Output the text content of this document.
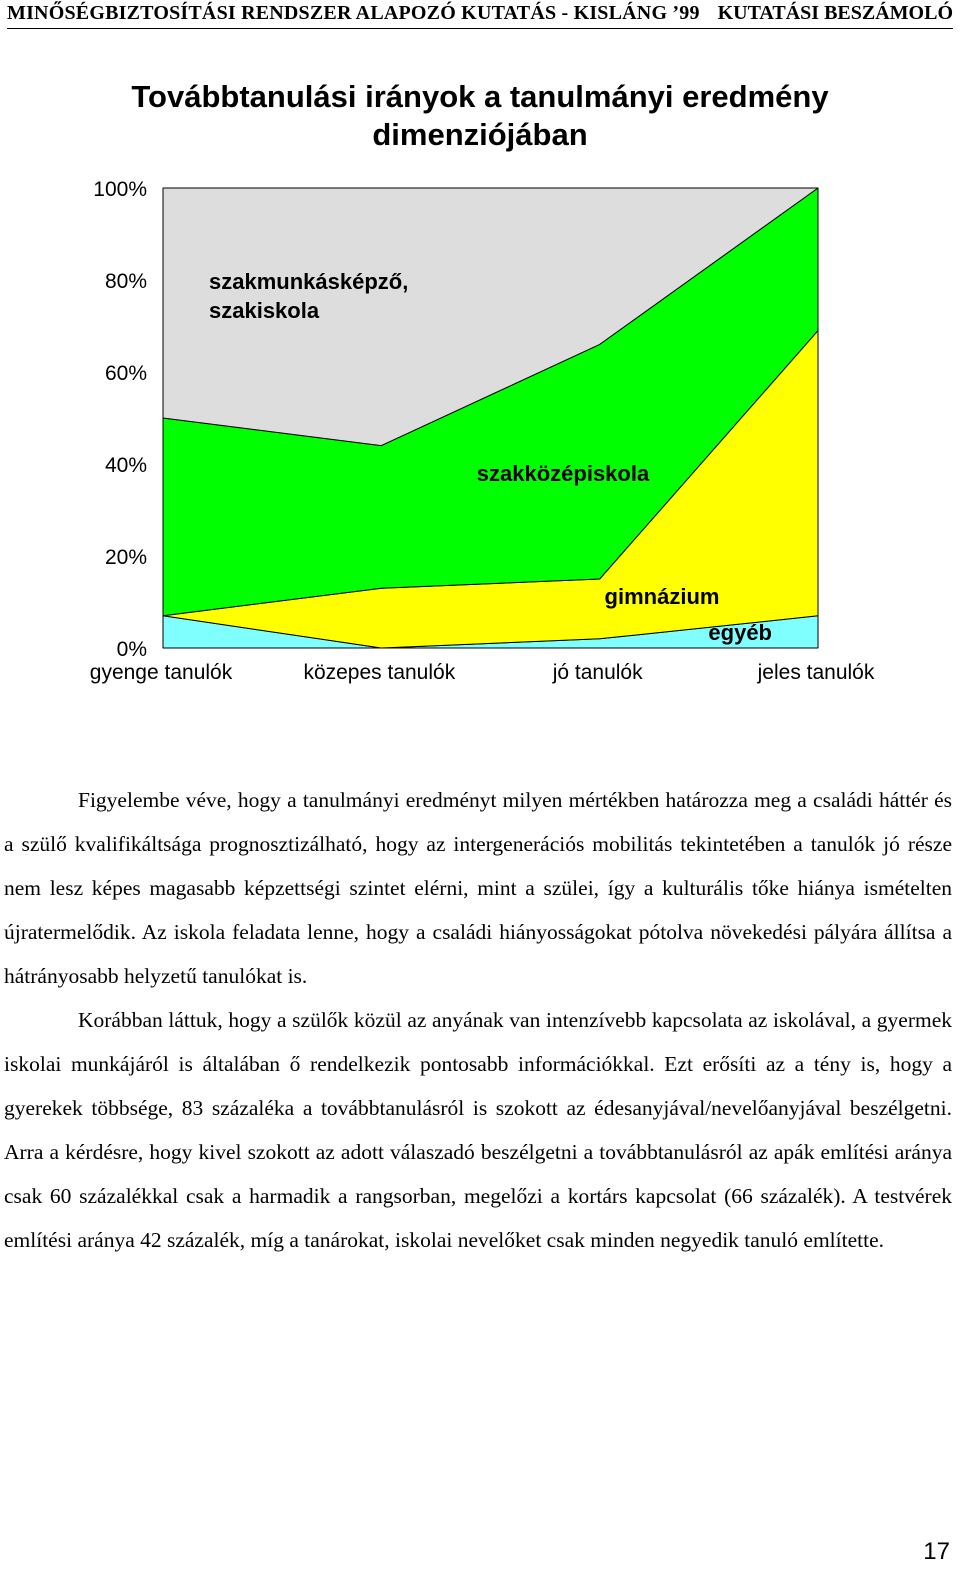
MINŐSÉGBIZTOSÍTÁSI RENDSZER ALAPOZÓ KUTATÁS - KISLÁNG ’99 KUTATÁSI BESZÁMOLÓ
Továbbtanulási irányok a tanulmányi eredmény dimenziójában
0%
20%
40%
60%
80%
100%
gyenge tanulók	közepes tanulók	jó tanulók	jeles tanulók
egyéb
gimnázium
szakközépiskola
szakmunkásképző, szakiskola

Figyelembe véve, hogy a tanulmányi eredményt milyen mértékben határozza meg a családi háttér és a szülő kvalifikáltsága prognosztizálható, hogy az intergenerációs mobilitás tekintetében a tanulók jó része nem lesz képes magasabb képzettségi szintet elérni, mint a szülei, így a kulturális tőke hiánya ismételten újratermelődik. Az iskola feladata lenne, hogy a családi hiányosságokat pótolva növekedési pályára állítsa a hátrányosabb helyzetű tanulókat is.

Korábban láttuk, hogy a szülők közül az anyának van intenzívebb kapcsolata az iskolával, a gyermek iskolai munkájáról is általában ő rendelkezik pontosabb információkkal. Ezt erősíti az a tény is, hogy a gyerekek többsége, 83 százaléka a továbbtanulásról is szokott az édesanyjával/nevelőanyjával beszélgetni. Arra a kérdésre, hogy kivel szokott az adott válaszadó beszélgetni a továbbtanulásról az apák említési aránya csak 60 százalékkal csak a harmadik a rangsorban, megelőzi a kortárs kapcsolat (66 százalék). A testvérek említési aránya 42 százalék, míg a tanárokat, iskolai nevelőket csak minden negyedik tanuló említette.

17
